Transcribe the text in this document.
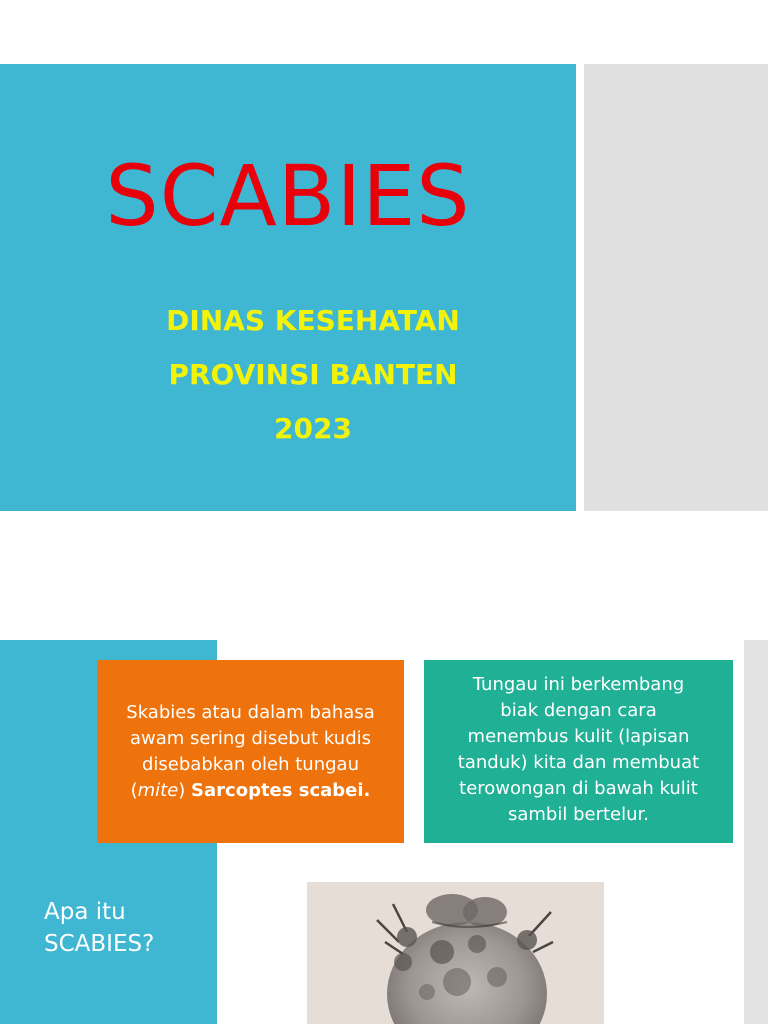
SCABIES
DINAS KESEHATAN
PROVINSI BANTEN
2023
Apa itu
SCABIES?
Skabies atau dalam bahasa
awam sering disebut kudis
disebabkan oleh tungau
(mite) Sarcoptes scabei.
Tungau ini berkembang
biak dengan cara
menembus kulit (lapisan
tanduk) kita dan membuat
terowongan di bawah kulit
sambil bertelur.
